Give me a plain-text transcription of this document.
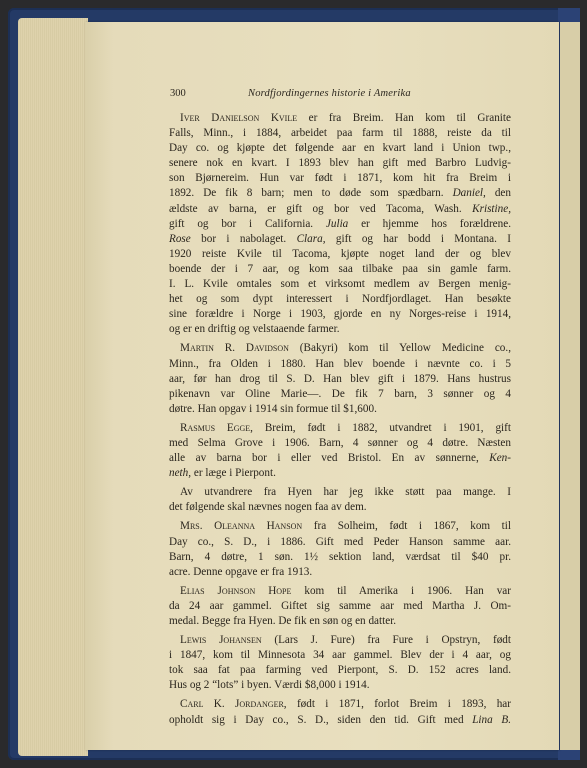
300	Nordfjordingernes historie i Amerika
Iver Danielson Kvile er fra Breim. Han kom til Granite
Falls, Minn., i 1884, arbeidet paa farm til 1888, reiste da til
Day co. og kjøpte det følgende aar en kvart land i Union twp.,
senere nok en kvart. I 1893 blev han gift med Barbro Ludvig-
son Bjørnereim. Hun var født i 1871, kom hit fra Breim i
1892. De fik 8 barn; men to døde som spædbarn. Daniel, den
ældste av barna, er gift og bor ved Tacoma, Wash. Kristine,
gift og bor i California. Julia er hjemme hos forældrene.
Rose bor i nabolaget. Clara, gift og har bodd i Montana. I
1920 reiste Kvile til Tacoma, kjøpte noget land der og blev
boende der i 7 aar, og kom saa tilbake paa sin gamle farm.
I. L. Kvile omtales som et virksomt medlem av Bergen menig-
het og som dypt interessert i Nordfjordlaget. Han besøkte
sine forældre i Norge i 1903, gjorde en ny Norges-reise i 1914,
og er en driftig og velstaaende farmer.
Martin R. Davidson (Bakyri) kom til Yellow Medicine co.,
Minn., fra Olden i 1880. Han blev boende i nævnte co. i 5
aar, før han drog til S. D. Han blev gift i 1879. Hans hustrus
pikenavn var Oline Marie—. De fik 7 barn, 3 sønner og 4
døtre. Han opgav i 1914 sin formue til $1,600.
Rasmus Egge, Breim, født i 1882, utvandret i 1901, gift
med Selma Grove i 1906. Barn, 4 sønner og 4 døtre. Næsten
alle av barna bor i eller ved Bristol. En av sønnerne, Ken-
neth, er læge i Pierpont.
Av utvandrere fra Hyen har jeg ikke støtt paa mange. I
det følgende skal nævnes nogen faa av dem.
Mrs. Oleanna Hanson fra Solheim, født i 1867, kom til
Day co., S. D., i 1886. Gift med Peder Hanson samme aar.
Barn, 4 døtre, 1 søn. 1½ sektion land, værdsat til $40 pr.
acre. Denne opgave er fra 1913.
Elias Johnson Hope kom til Amerika i 1906. Han var
da 24 aar gammel. Giftet sig samme aar med Martha J. Om-
medal. Begge fra Hyen. De fik en søn og en datter.
Lewis Johansen (Lars J. Fure) fra Fure i Opstryn, født
i 1847, kom til Minnesota 34 aar gammel. Blev der i 4 aar, og
tok saa fat paa farming ved Pierpont, S. D. 152 acres land.
Hus og 2 “lots” i byen. Værdi $8,000 i 1914.
Carl K. Jordanger, født i 1871, forlot Breim i 1893, har
opholdt sig i Day co., S. D., siden den tid. Gift med Lina B.
